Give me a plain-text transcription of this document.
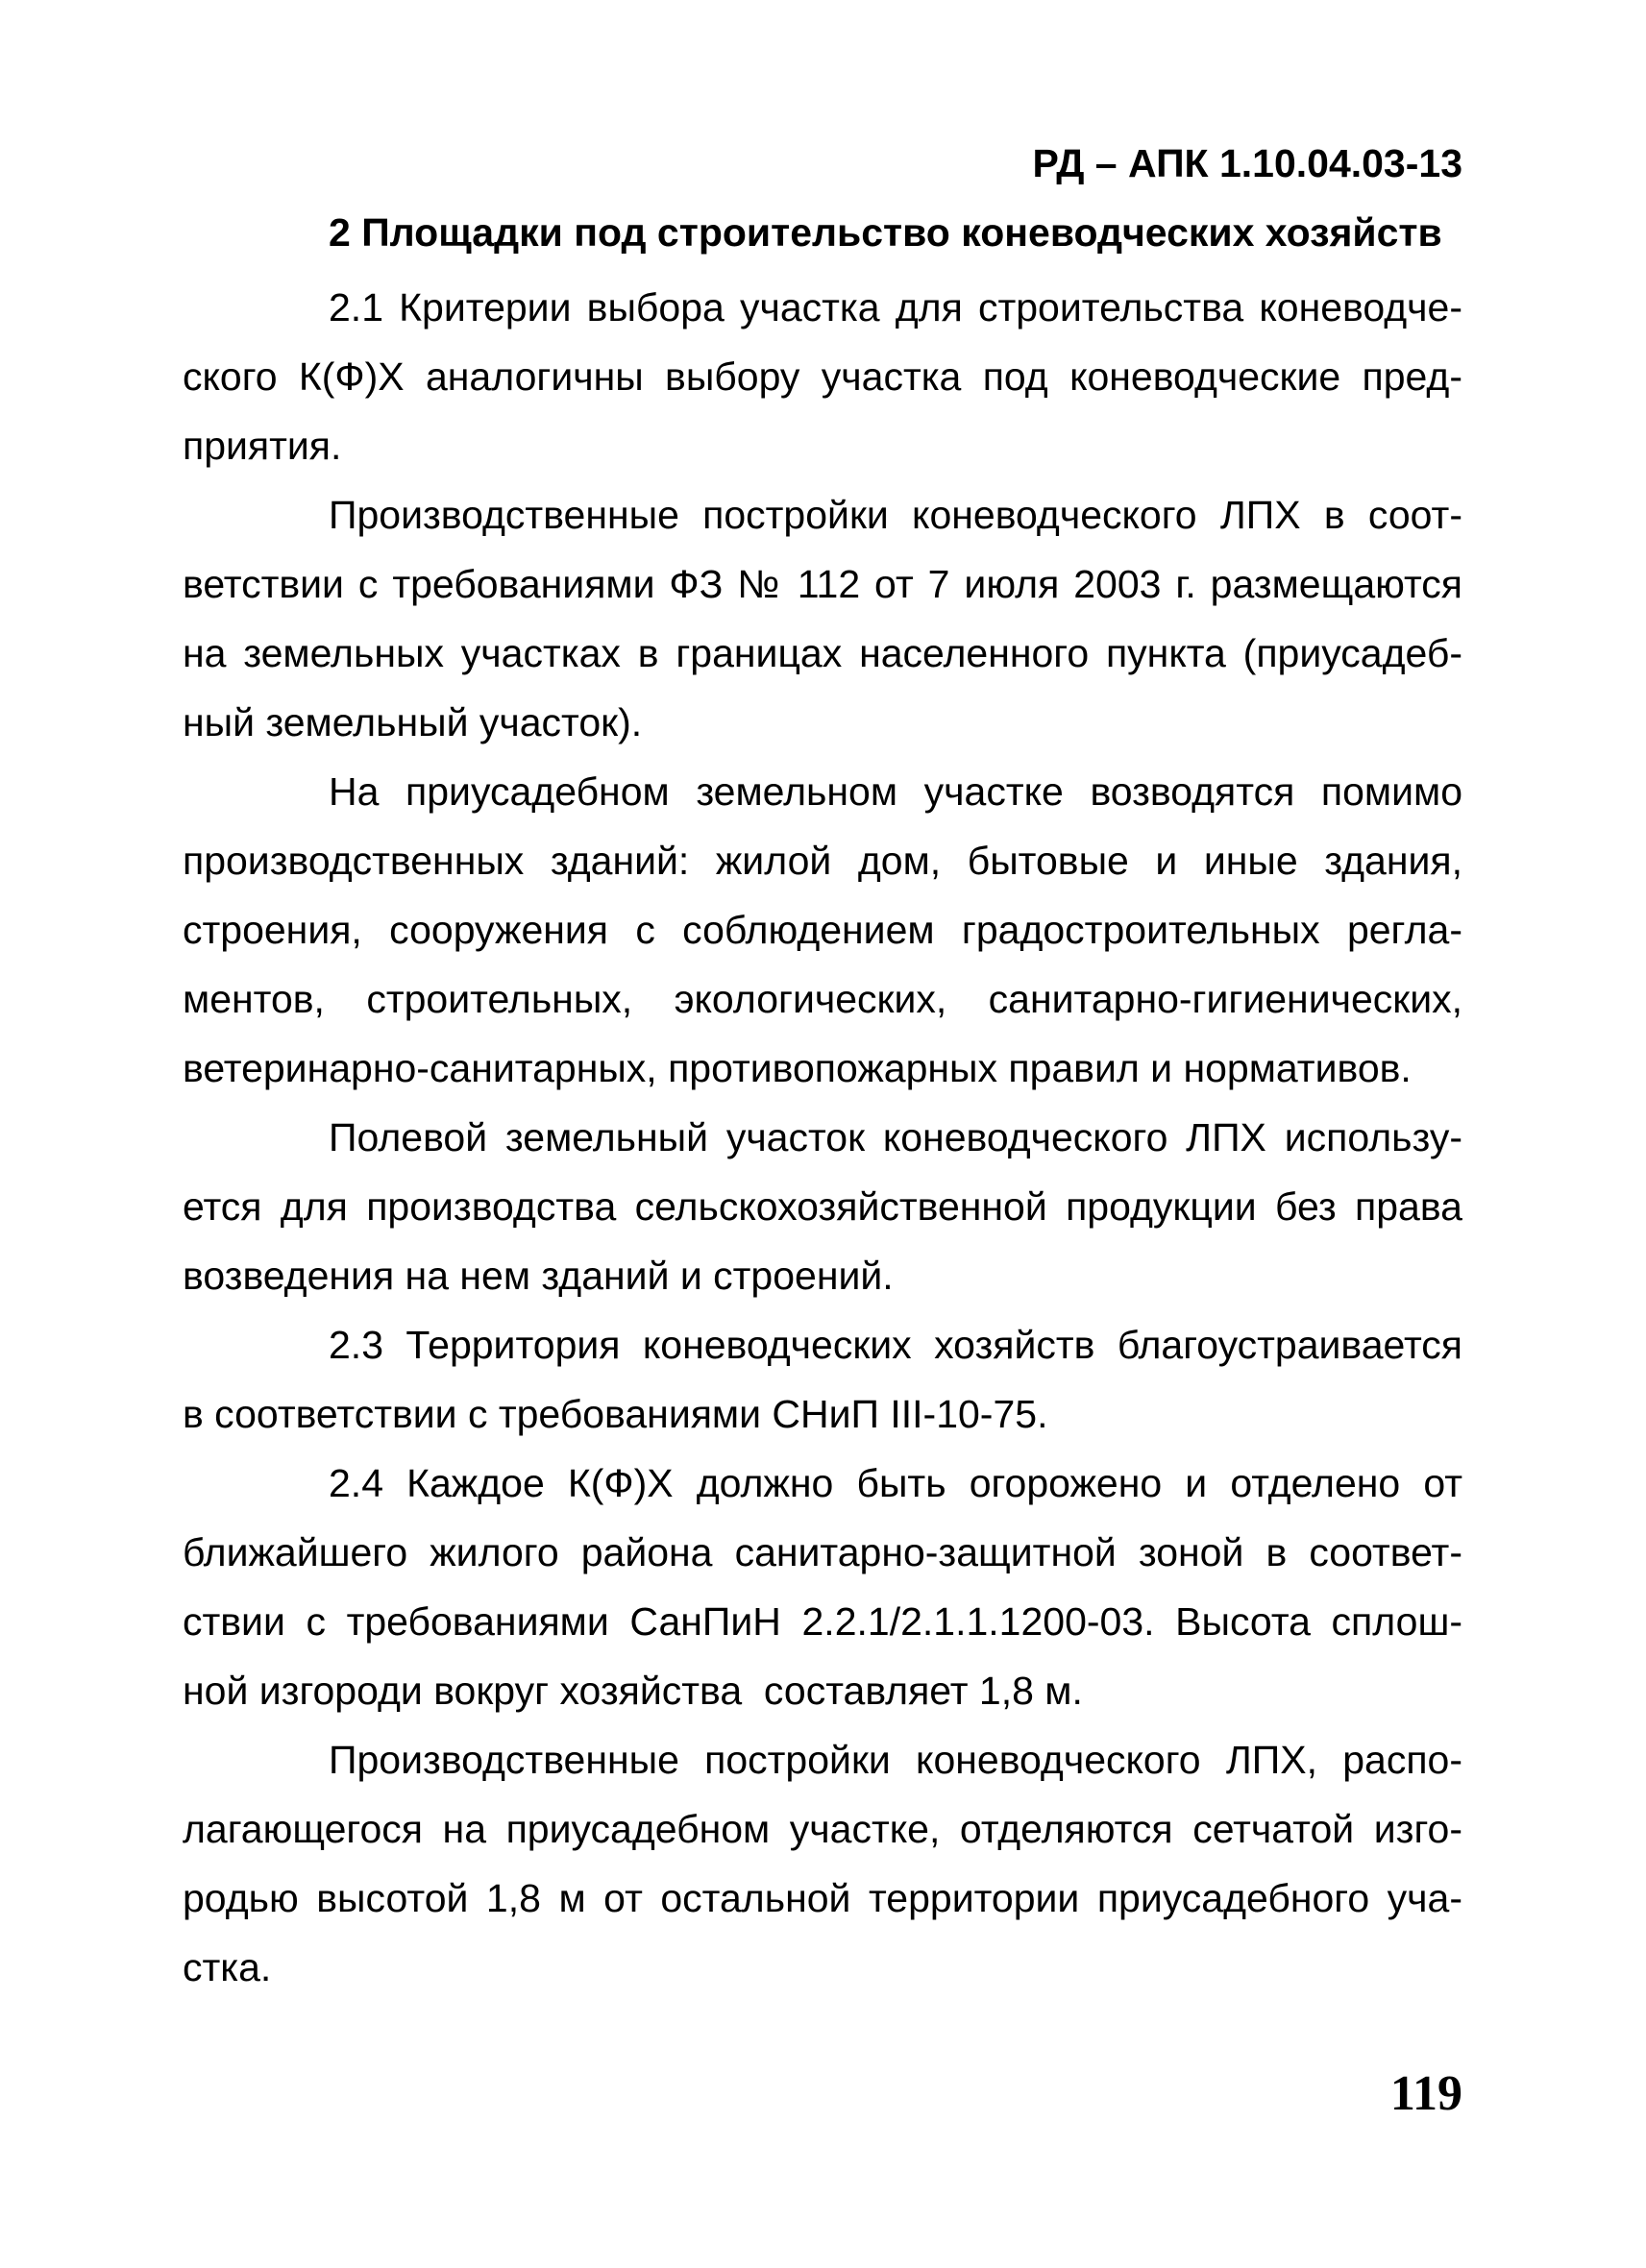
РД – АПК 1.10.04.03-13
2 Площадки под строительство коневодческих хозяйств
2.1 Критерии выбора участка для строительства коневодче-
ского К(Ф)Х аналогичны выбору участка под коневодческие пред-
приятия.
Производственные постройки коневодческого ЛПХ в соот-
ветствии с требованиями ФЗ № 112 от 7 июля 2003 г. размещаются
на земельных участках в границах населенного пункта (приусадеб-
ный земельный участок).
На приусадебном земельном участке возводятся помимо
производственных зданий: жилой дом, бытовые и иные здания,
строения, сооружения с соблюдением градостроительных регла-
ментов, строительных, экологических, санитарно-гигиенических,
ветеринарно-санитарных, противопожарных правил и нормативов.
Полевой земельный участок коневодческого ЛПХ использу-
ется для производства сельскохозяйственной продукции без права
возведения на нем зданий и строений.
2.3 Территория коневодческих хозяйств благоустраивается
в соответствии с требованиями СНиП III-10-75.
2.4 Каждое К(Ф)Х должно быть огорожено и отделено от
ближайшего жилого района санитарно-защитной зоной в соответ-
ствии с требованиями СанПиН 2.2.1/2.1.1.1200-03. Высота сплош-
ной изгороди вокруг хозяйства  составляет 1,8 м.
Производственные постройки коневодческого ЛПХ, распо-
лагающегося на приусадебном участке, отделяются сетчатой изго-
родью высотой 1,8 м от остальной территории приусадебного уча-
стка.
119
